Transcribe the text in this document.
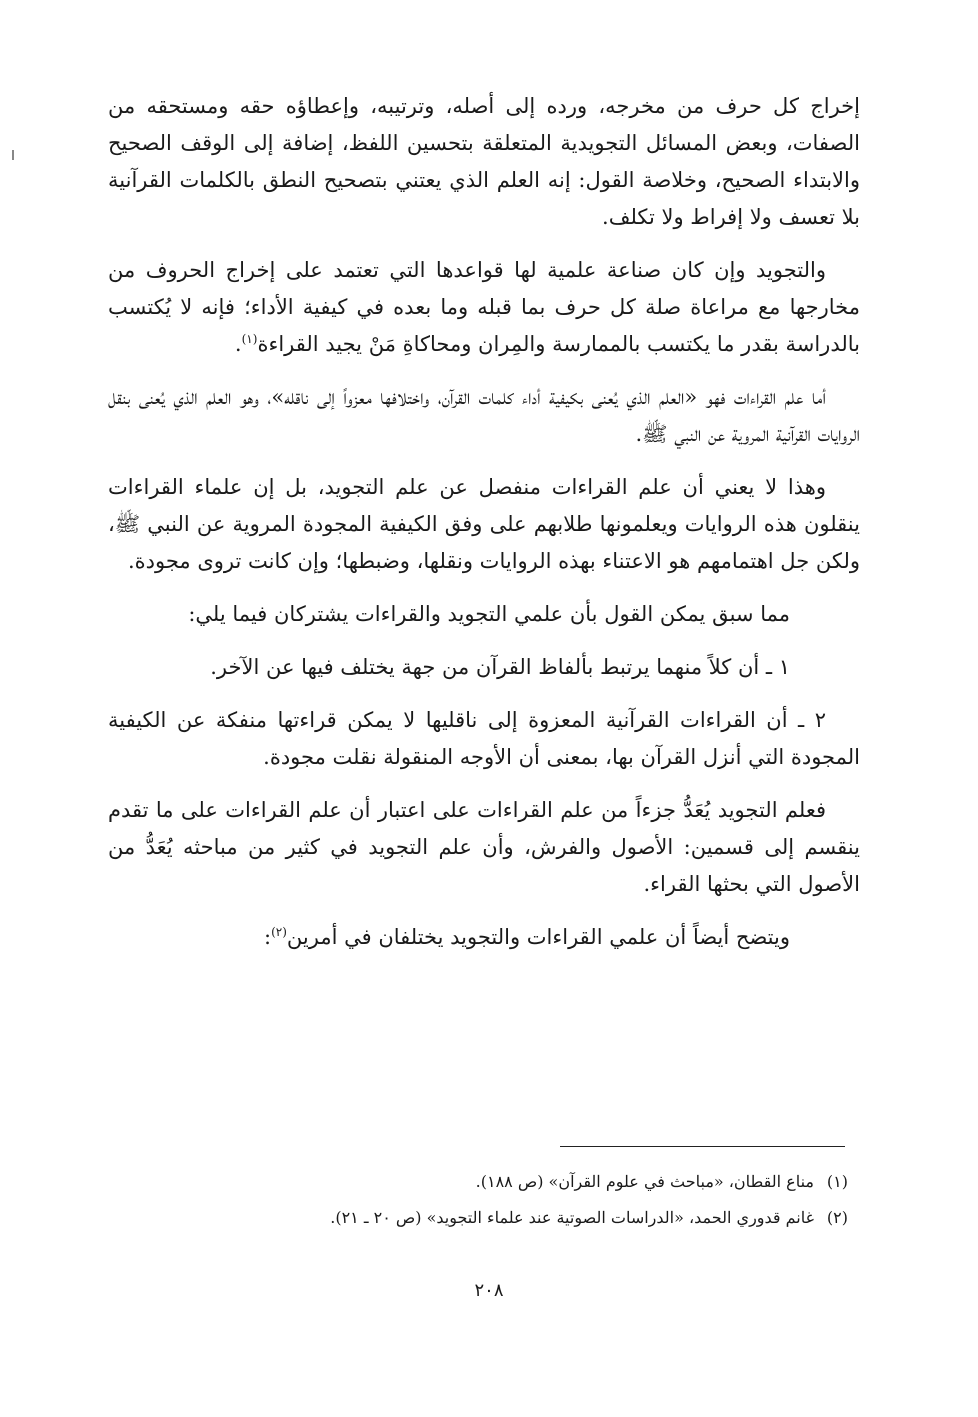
إخراج كل حرف من مخرجه، ورده إلى أصله، وترتيبه، وإعطاؤه حقه ومستحقه من الصفات، وبعض المسائل التجويدية المتعلقة بتحسين اللفظ، إضافة إلى الوقف الصحيح والابتداء الصحيح، وخلاصة القول: إنه العلم الذي يعتني بتصحيح النطق بالكلمات القرآنية بلا تعسف ولا إفراط ولا تكلف.

والتجويد وإن كان صناعة علمية لها قواعدها التي تعتمد على إخراج الحروف من مخارجها مع مراعاة صلة كل حرف بما قبله وما بعده في كيفية الأداء؛ فإنه لا يُكتسب بالدراسة بقدر ما يكتسب بالممارسة والمِران ومحاكاةِ مَنْ يجيد القراءة$^{(١)}$.

أما علم القراءات فهو «العلم الذي يُعنى بكيفية أداء كلمات القرآن، واختلافها معزواً إلى ناقله»، وهو العلم الذي يُعنى بنقل الروايات القرآنية المروية عن النبي ﷺ.

وهذا لا يعني أن علم القراءات منفصل عن علم التجويد، بل إن علماء القراءات ينقلون هذه الروايات ويعلمونها طلابهم على وفق الكيفية المجودة المروية عن النبي ﷺ، ولكن جل اهتمامهم هو الاعتناء بهذه الروايات ونقلها، وضبطها؛ وإن كانت تروى مجودة.

مما سبق يمكن القول بأن علمي التجويد والقراءات يشتركان فيما يلي:

١ ـ أن كلاً منهما يرتبط بألفاظ القرآن من جهة يختلف فيها عن الآخر.

٢ ـ أن القراءات القرآنية المعزوة إلى ناقليها لا يمكن قراءتها منفكة عن الكيفية المجودة التي أنزل القرآن بها، بمعنى أن الأوجه المنقولة نقلت مجودة.

فعلم التجويد يُعَدُّ جزءاً من علم القراءات على اعتبار أن علم القراءات على ما تقدم ينقسم إلى قسمين: الأصول والفرش، وأن علم التجويد في كثير من مباحثه يُعَدُّ من الأصول التي بحثها القراء.

ويتضح أيضاً أن علمي القراءات والتجويد يختلفان في أمرين$^{(٢)}$:

(١)مناع القطان، «مباحث في علوم القرآن» (ص ١٨٨).

(٢)غانم قدوري الحمد، «الدراسات الصوتية عند علماء التجويد» (ص ٢٠ ـ ٢١).

٢٠٨
